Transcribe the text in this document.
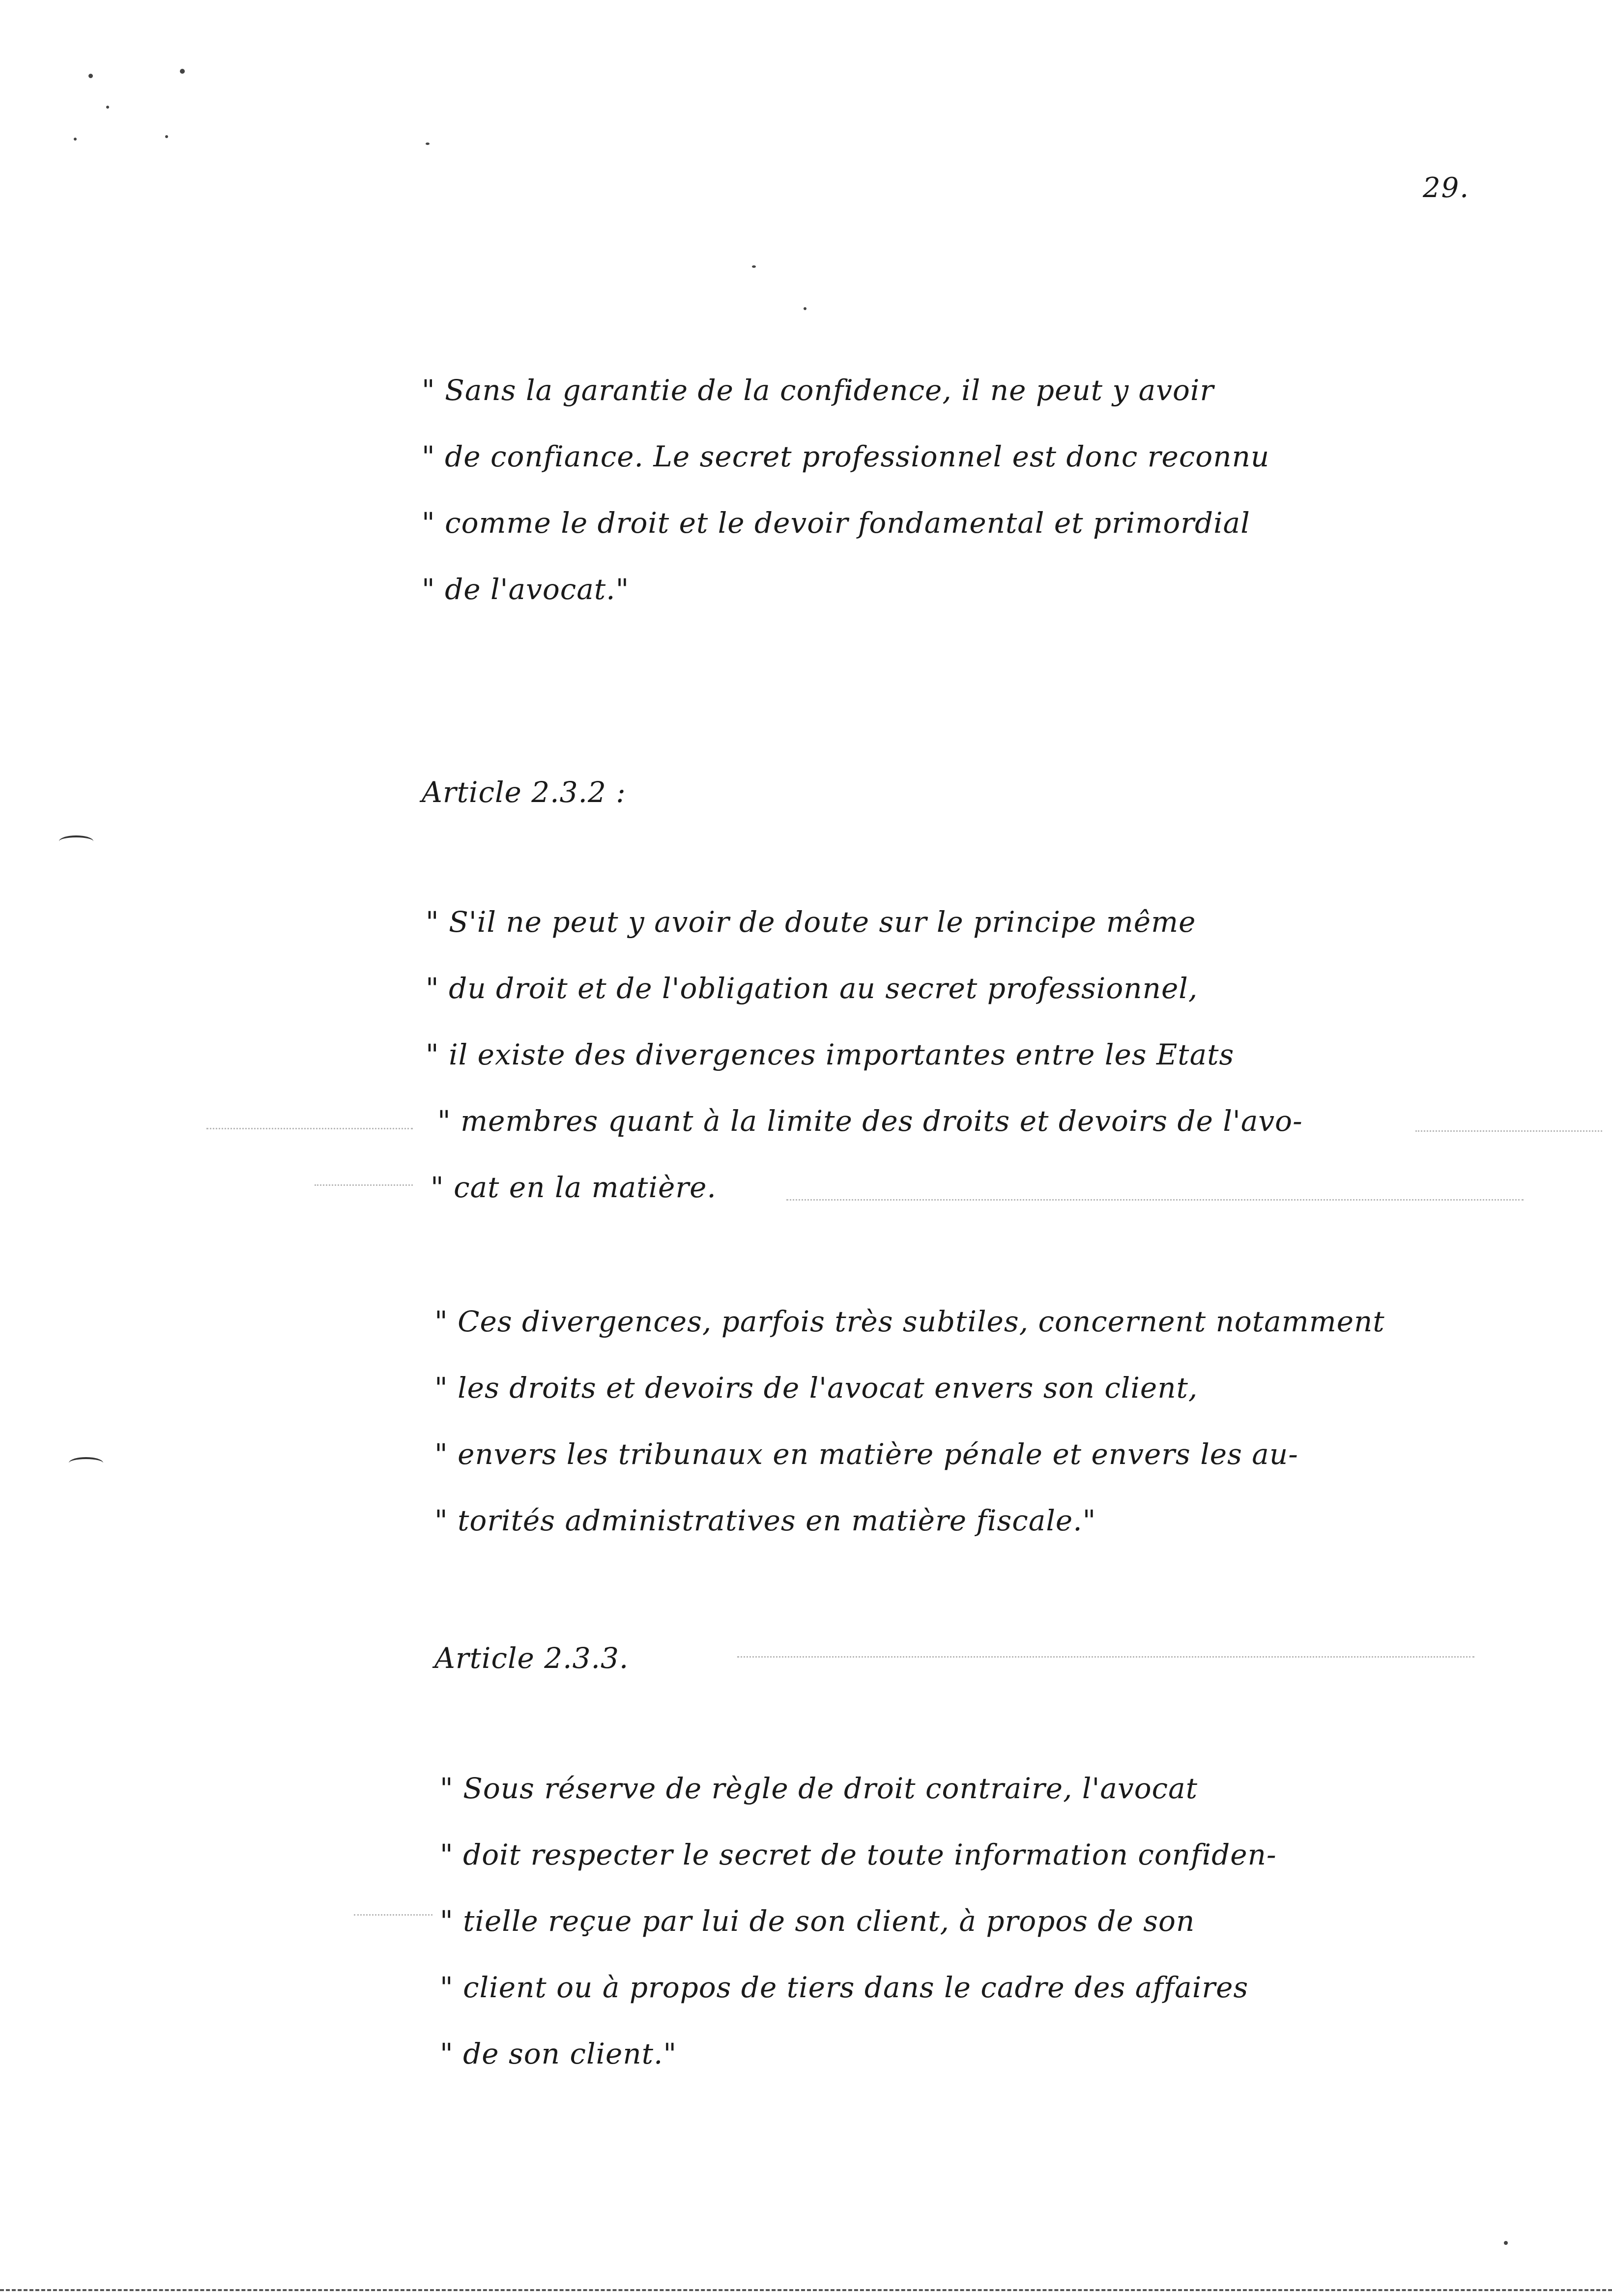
29.
" Sans la garantie de la confidence, il ne peut y avoir
" de confiance. Le secret professionnel est donc reconnu
" comme le droit et le devoir fondamental et primordial
" de l'avocat."
Article 2.3.2 :
" S'il ne peut y avoir de doute sur le principe même
" du droit et de l'obligation au secret professionnel,
" il existe des divergences importantes entre les Etats
" membres quant à la limite des droits et devoirs de l'avo-
" cat en la matière.
" Ces divergences, parfois très subtiles, concernent notamment
" les droits et devoirs de l'avocat envers son client,
" envers les tribunaux en matière pénale et envers les au-
" torités administratives en matière fiscale."
Article 2.3.3.
" Sous réserve de règle de droit contraire, l'avocat
" doit respecter le secret de toute information confiden-
" tielle reçue par lui de son client, à propos de son
" client ou à propos de tiers dans le cadre des affaires
" de son client."
